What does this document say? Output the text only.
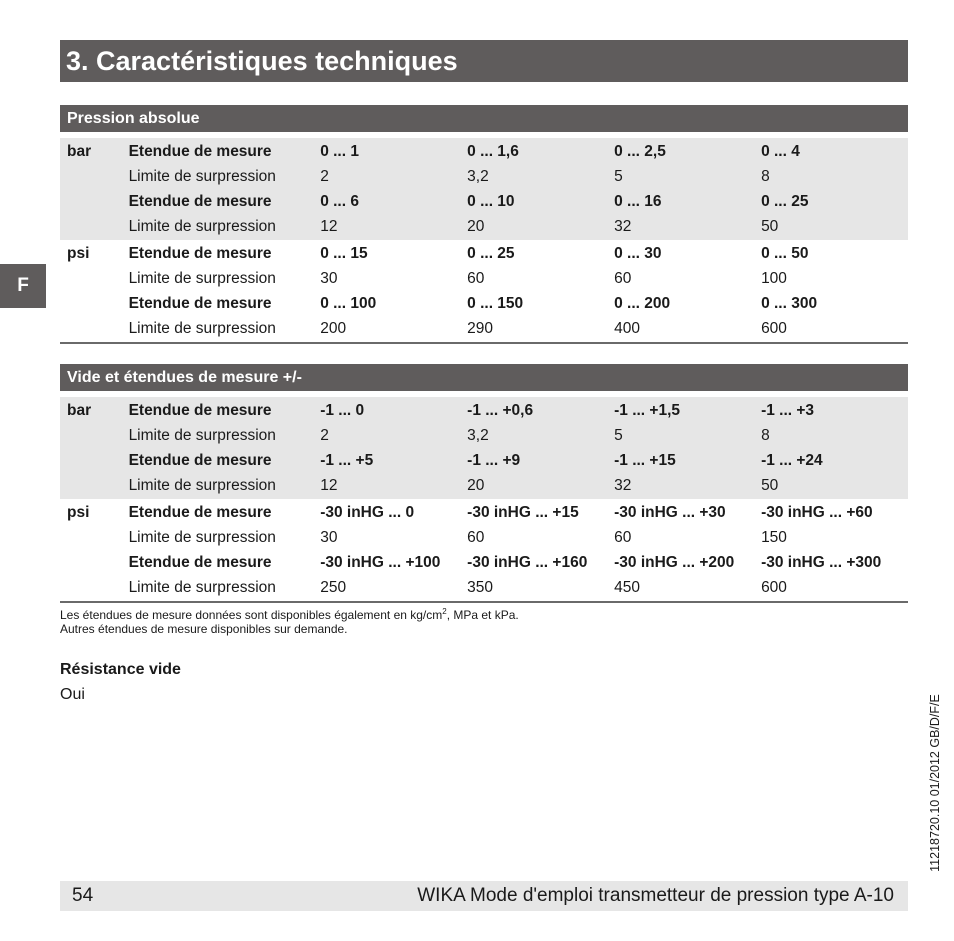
3. Caractéristiques techniques
F
Pression absolue
bar	Etendue de mesure	0 ... 1	0 ... 1,6	0 ... 2,5	0 ... 4
Limite de surpression	2	3,2	5	8
Etendue de mesure	0 ... 6	0 ... 10	0 ... 16	0 ... 25
Limite de surpression	12	20	32	50
psi	Etendue de mesure	0 ... 15	0 ... 25	0 ... 30	0 ... 50
Limite de surpression	30	60	60	100
Etendue de mesure	0 ... 100	0 ... 150	0 ... 200	0 ... 300
Limite de surpression	200	290	400	600
Vide et étendues de mesure +/-
bar	Etendue de mesure	-1 ... 0	-1 ... +0,6	-1 ... +1,5	-1 ... +3
Limite de surpression	2	3,2	5	8
Etendue de mesure	-1 ... +5	-1 ... +9	-1 ... +15	-1 ... +24
Limite de surpression	12	20	32	50
psi	Etendue de mesure	-30 inHG ... 0	-30 inHG ... +15	-30 inHG ... +30	-30 inHG ... +60
Limite de surpression	30	60	60	150
Etendue de mesure	-30 inHG ... +100	-30 inHG ... +160	-30 inHG ... +200	-30 inHG ... +300
Limite de surpression	250	350	450	600
Les étendues de mesure données sont disponibles également en $kg/cm^2$, MPa et kPa.
Autres étendues de mesure disponibles sur demande.
Résistance vide
Oui	11218720.10 01/2012 GB/D/F/E
54	WIKA Mode d'emploi transmetteur de pression type A-10
